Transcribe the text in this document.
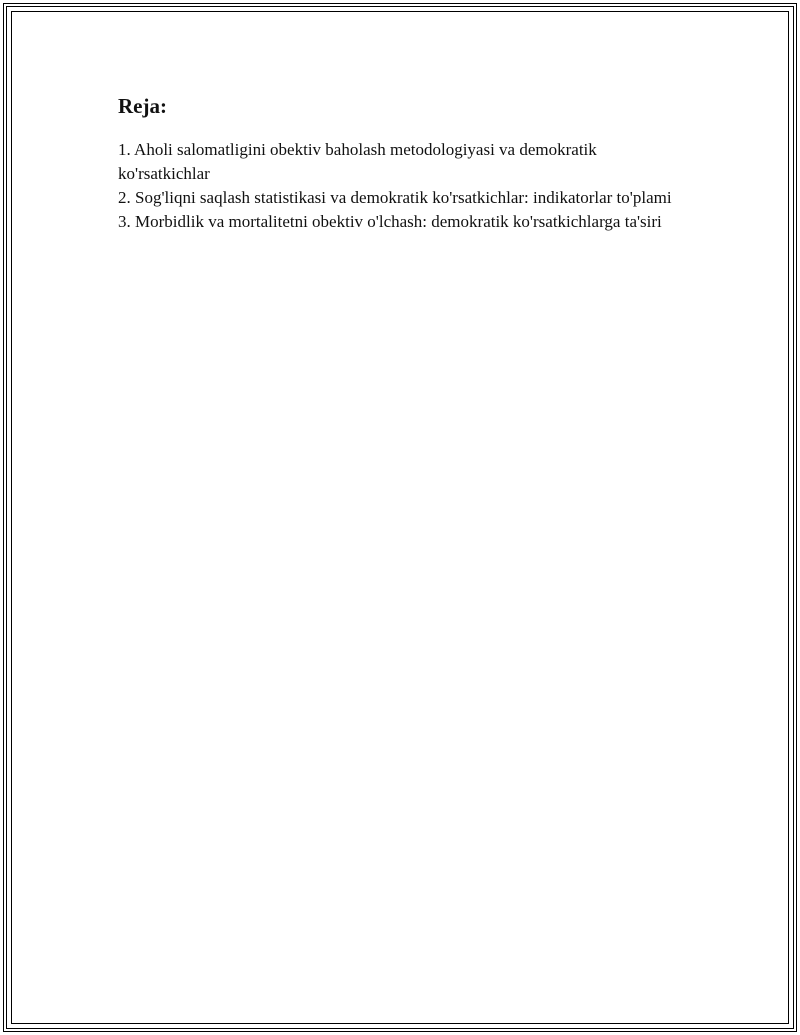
Reja:
1. Aholi salomatligini obektiv baholash metodologiyasi va demokratik ko'rsatkichlar
2. Sog'liqni saqlash statistikasi va demokratik ko'rsatkichlar: indikatorlar to'plami
3. Morbidlik va mortalitetni obektiv o'lchash: demokratik ko'rsatkichlarga ta'siri
